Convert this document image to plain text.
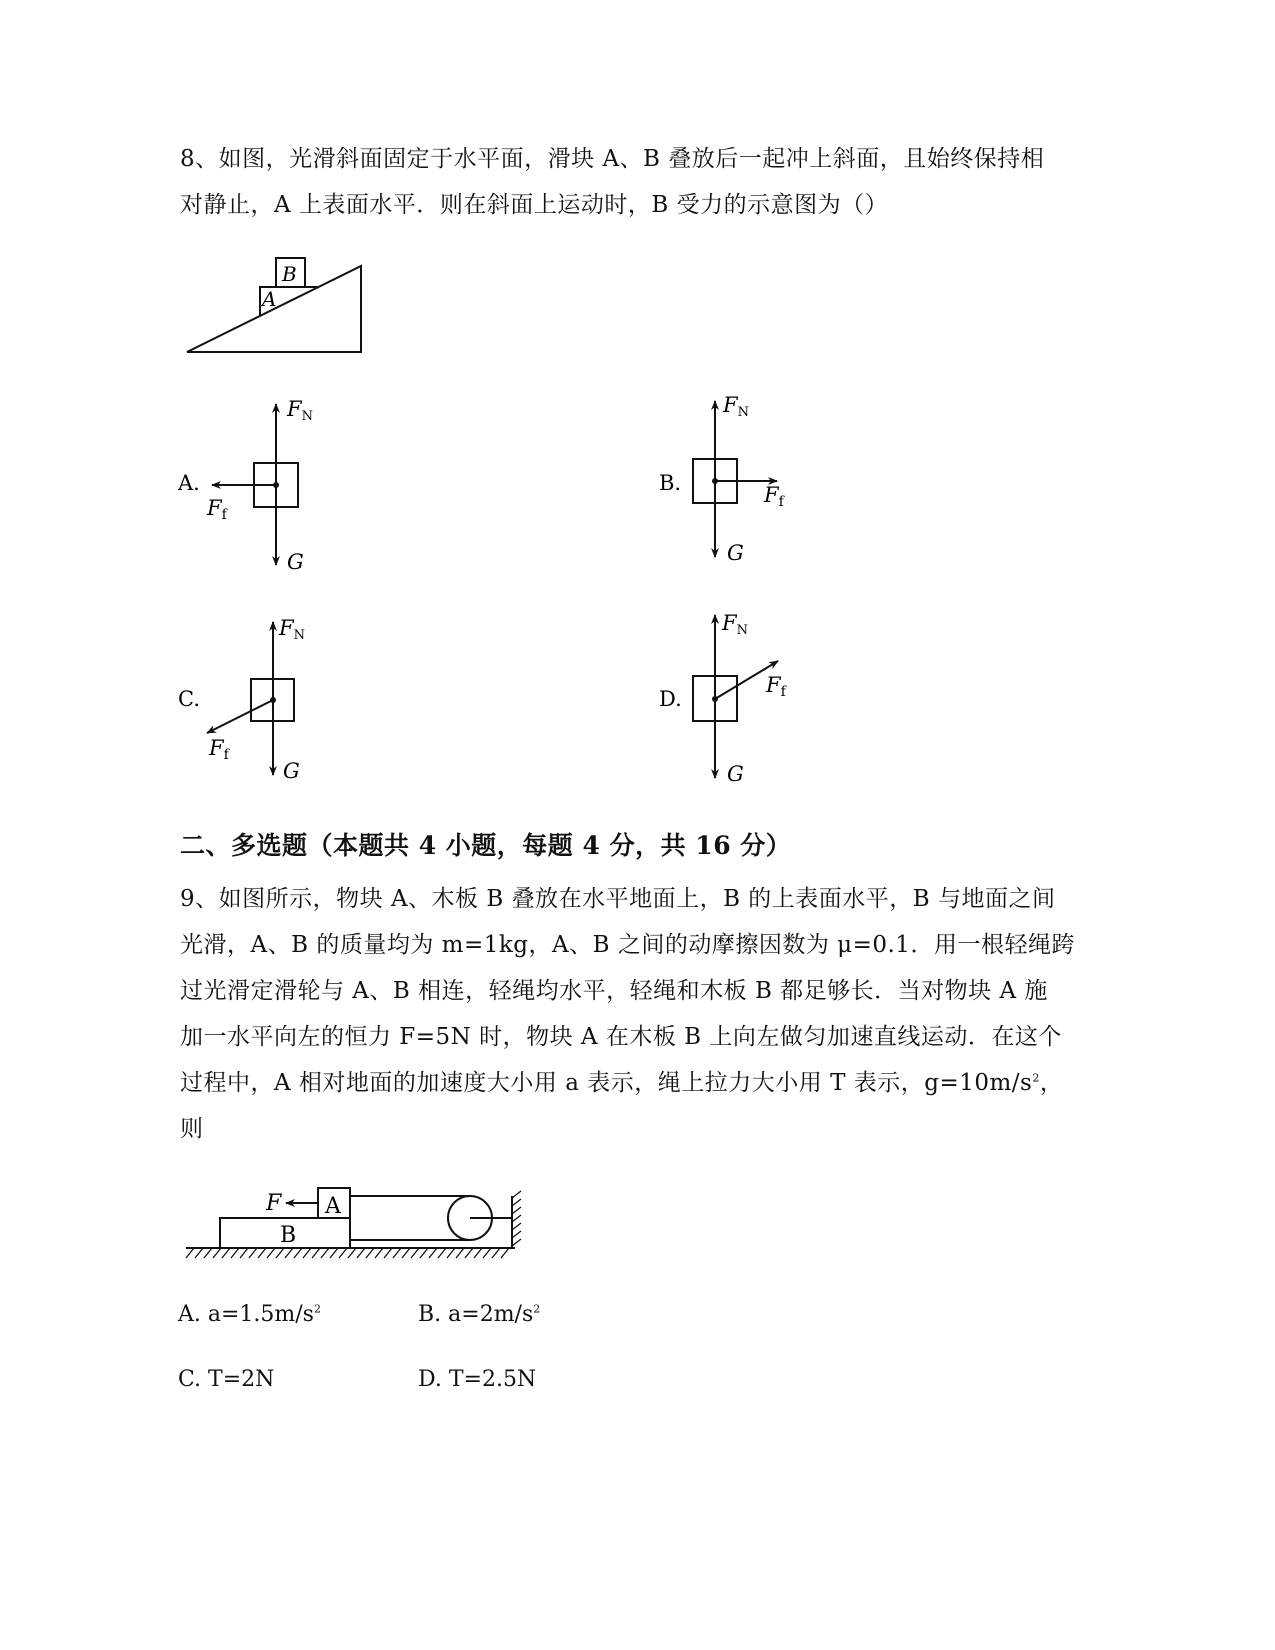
8、如图，光滑斜面固定于水平面，滑块 A、B 叠放后一起冲上斜面，且始终保持相
对静止，A 上表面水平．则在斜面上运动时，B 受力的示意图为（）
B
A
A.
FN
Ff
G
B.
FN
Ff
G
C.
FN
Ff
G
D.
FN
Ff
G
二、多选题（本题共 4 小题，每题 4 分，共 16 分）
9、如图所示，物块 A、木板 B 叠放在水平地面上，B 的上表面水平，B 与地面之间
光滑，A、B 的质量均为 m=1kg，A、B 之间的动摩擦因数为 μ=0.1．用一根轻绳跨
过光滑定滑轮与 A、B 相连，轻绳均水平，轻绳和木板 B 都足够长．当对物块 A 施
加一水平向左的恒力 F=5N 时，物块 A 在木板 B 上向左做匀加速直线运动．在这个
过程中，A 相对地面的加速度大小用 a 表示，绳上拉力大小用 T 表示，$g=10m/s^2$，
则
F A
B
A. $a=1.5m/s^2$	B. $a=2m/s^2$
C. T=2N	D. T=2.5N
